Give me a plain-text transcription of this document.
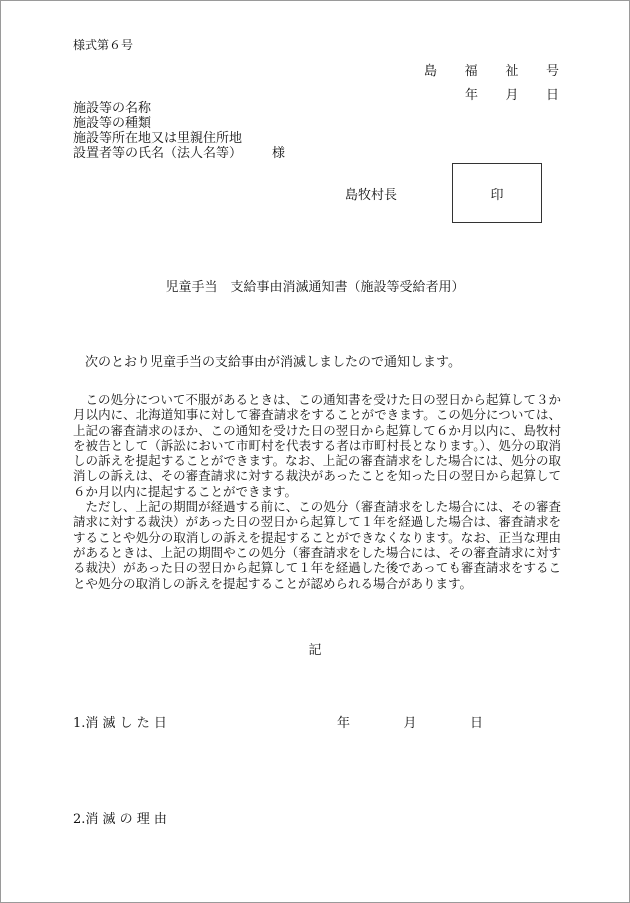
様式第６号
島 福 祉 号
年 月 日
施設等の名称
施設等の種類
施設等所在地又は里親住所地
設置者等の氏名（法人名等） 様
島牧村長	印
児童手当　支給事由消滅通知書（施設等受給者用）
次のとおり児童手当の支給事由が消滅しましたので通知します。

この処分について不服があるときは、この通知書を受けた日の翌日から起算して３か月以内に、北海道知事に対して審査請求をすることができます。この処分については、上記の審査請求のほか、この通知を受けた日の翌日から起算して６か月以内に、島牧村を被告として（訴訟において市町村を代表する者は市町村長となります。）、処分の取消しの訴えを提起することができます。なお、上記の審査請求をした場合には、処分の取消しの訴えは、その審査請求に対する裁決があったことを知った日の翌日から起算して６か月以内に提起することができます。

ただし、上記の期間が経過する前に、この処分（審査請求をした場合には、その審査請求に対する裁決）があった日の翌日から起算して１年を経過した場合は、審査請求をすることや処分の取消しの訴えを提起することができなくなります。なお、正当な理由があるときは、上記の期間やこの処分（審査請求をした場合には、その審査請求に対する裁決）があった日の翌日から起算して１年を経過した後であっても審査請求をすることや処分の取消しの訴えを提起することが認められる場合があります。

記
1.消 滅 し た 日	年	月	日
2.消 滅 の 理 由
